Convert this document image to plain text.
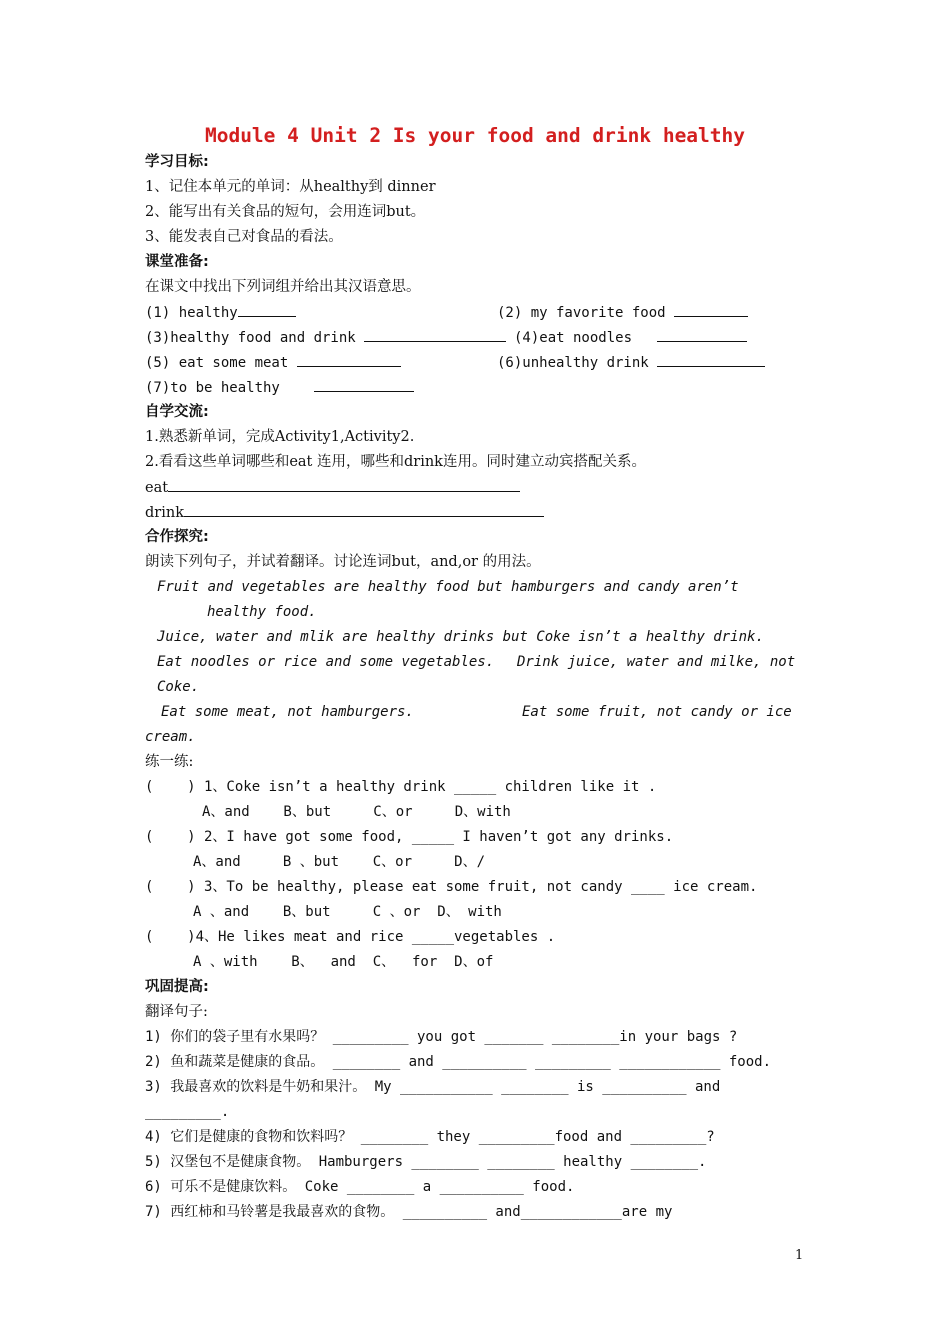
Module 4 Unit 2 Is your food and drink healthy
学习目标:
1、记住本单元的单词：从healthy到 dinner
2、能写出有关食品的短句，会用连词but。
3、能发表自己对食品的看法。
课堂准备:
在课文中找出下列词组并给出其汉语意思。
(1) healthy	(2) my favorite food
(3)healthy food and drink	(4)eat noodles
(5) eat some meat	(6)unhealthy drink
(7)to be healthy
自学交流:
1.熟悉新单词，完成Activity1,Activity2.
2.看看这些单词哪些和eat 连用，哪些和drink连用。同时建立动宾搭配关系。
eat
drink
合作探究:
朗读下列句子，并试着翻译。讨论连词but，and,or 的用法。
Fruit and vegetables are healthy food but hamburgers and candy aren’t
healthy food.
Juice, water and mlik are healthy drinks but Coke isn’t a healthy drink.
Eat noodles or rice and some vegetables. Drink juice, water and milke, not
Coke.
Eat some meat, not hamburgers.	Eat some fruit, not candy or ice
cream.
练一练:
(    ) 1、Coke isn’t a healthy drink _____ children like it .
A、and    B、but     C、or     D、with
(    ) 2、I have got some food, _____ I haven’t got any drinks.
A、and     B 、but    C、or     D、/
(    ) 3、To be healthy, please eat some fruit, not candy ____ ice cream.
A 、and    B、but     C 、or  D、 with
(    )4、He likes meat and rice _____vegetables .
A 、with    B、  and  C、  for  D、of
巩固提高:
翻译句子:
1) 你们的袋子里有水果吗？ _________ you got _______ ________in your bags ?
2) 鱼和蔬菜是健康的食品。 ________ and __________ _________ ____________ food.
3) 我最喜欢的饮料是牛奶和果汁。 My ___________ ________ is __________ and
_________.
4) 它们是健康的食物和饮料吗？ ________ they _________food and _________?
5) 汉堡包不是健康食物。 Hamburgers ________ ________ healthy ________.
6) 可乐不是健康饮料。 Coke ________ a __________ food.
7) 西红柿和马铃薯是我最喜欢的食物。 __________ and____________are my
1
